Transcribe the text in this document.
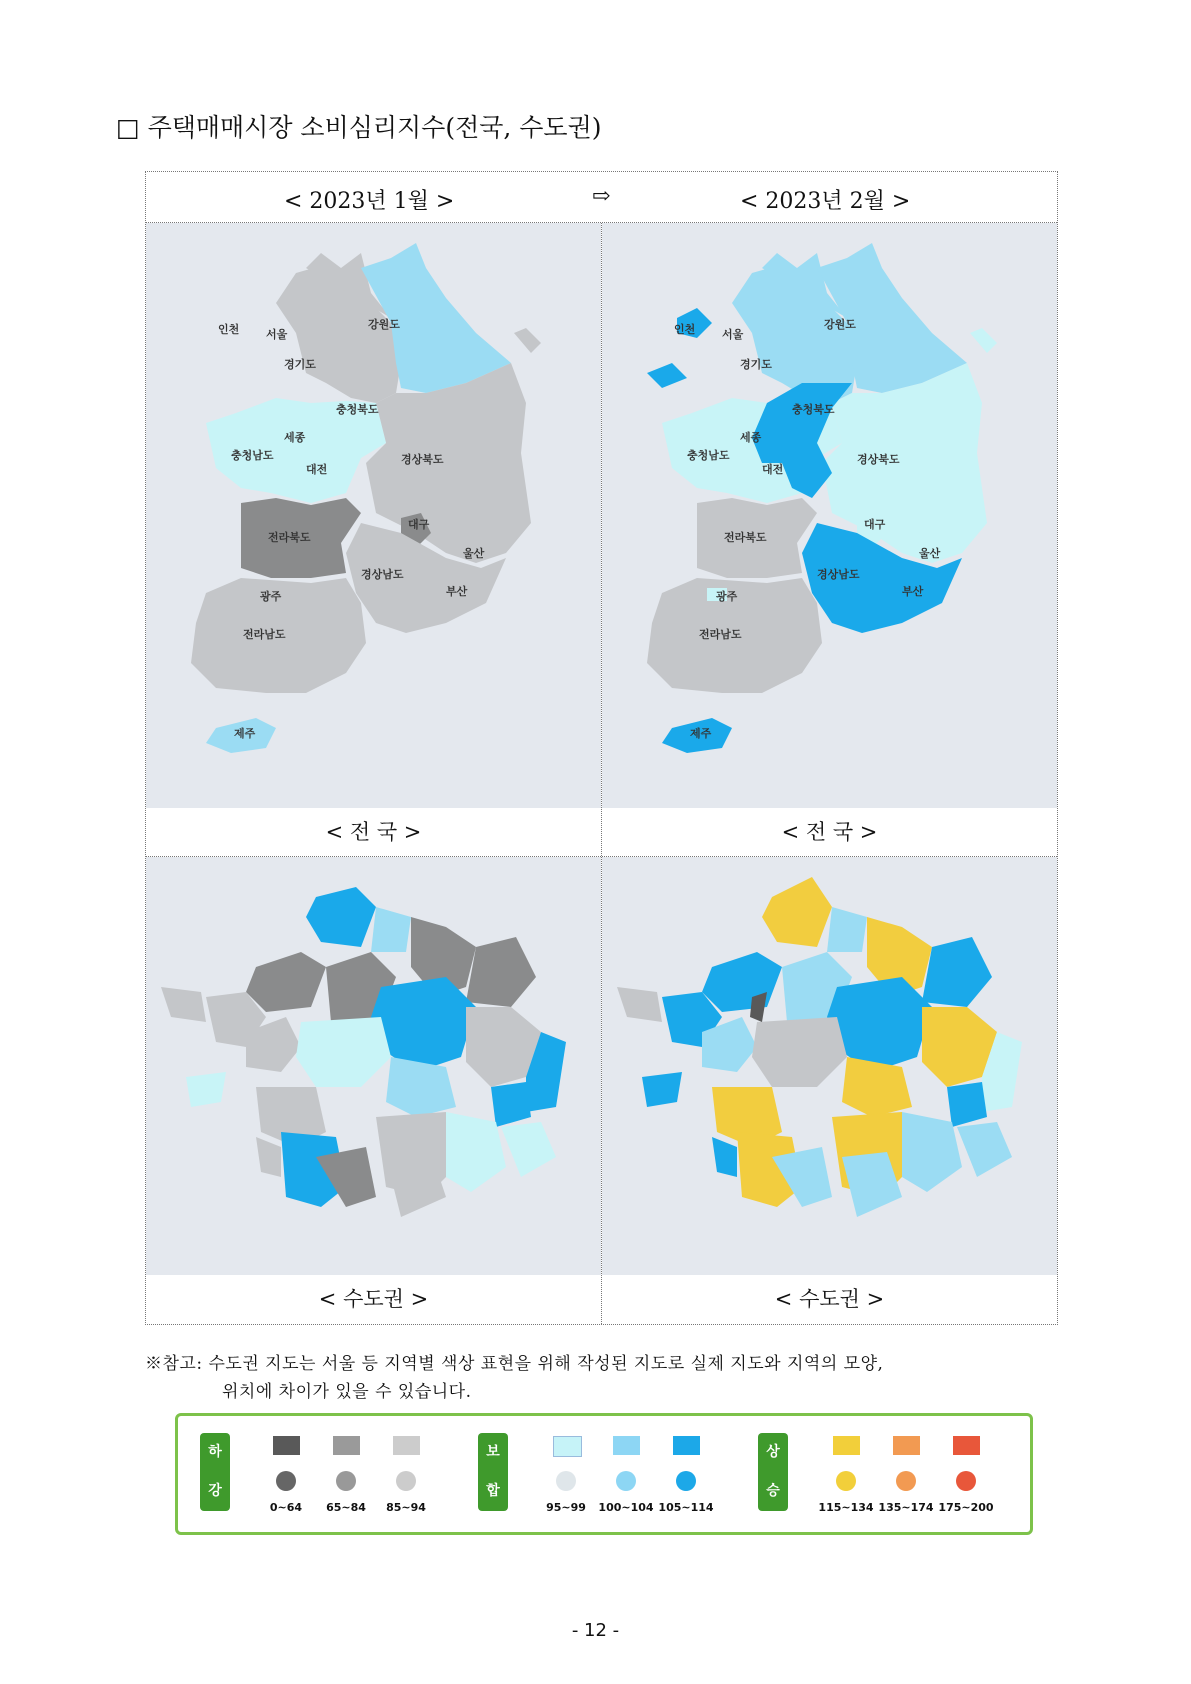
□ 주택매매시장 소비심리지수(전국, 수도권)
< 2023년 1월 >	⇨	< 2023년 2월 >
인천 서울
경기도
강원도
충청북도
세종
충청남도
대전
경상북도
대구
전라북도
울산
경상남도
부산
광주
전라남도
제주
인천 서울
경기도
강원도
충청북도
세종
충청남도
대전
경상북도
대구
전라북도
울산
경상남도
부산
광주
전라남도
제주
< 전 국 >	< 전 국 >
< 수도권 >	< 수도권 >
※참고: 수도권 지도는 서울 등 지역별 색상 표현을 위해 작성된 지도로 실제 지도와 지역의 모양,
위치에 차이가 있을 수 있습니다.
하
강
보
합
상
승
0~64	65~84	85~94	95~99	100~104 105~114	115~134 135~174 175~200
- 12 -
